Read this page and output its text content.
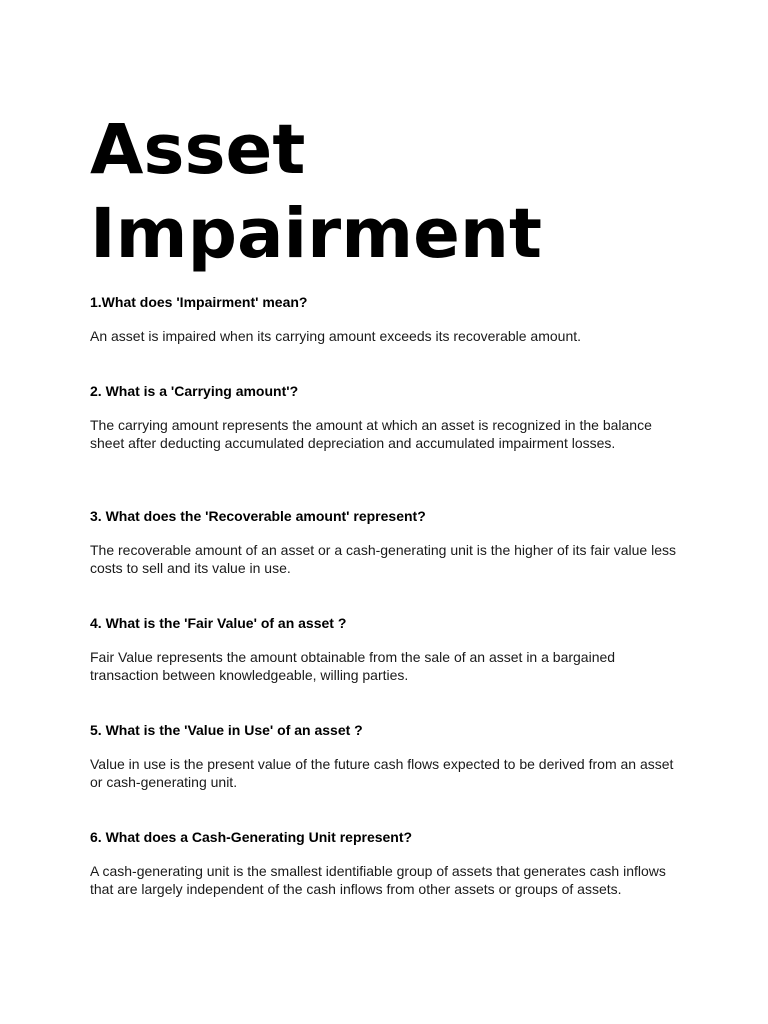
Asset
Impairment

1.What does 'Impairment' mean?

An asset is impaired when its carrying amount exceeds its recoverable amount.

2. What is a 'Carrying amount'?

The carrying amount represents the amount at which an asset is recognized in the balance sheet after deducting accumulated depreciation and accumulated impairment losses.

3. What does the 'Recoverable amount' represent?

The recoverable amount of an asset or a cash-generating unit is the higher of its fair value less costs to sell and its value in use.

4. What is the 'Fair Value' of an asset ?

Fair Value represents the amount obtainable from the sale of an asset in a bargained transaction between knowledgeable, willing parties.

5. What is the 'Value in Use' of an asset ?

Value in use is the present value of the future cash flows expected to be derived from an asset or cash-generating unit.

6. What does a Cash-Generating Unit represent?

A cash-generating unit is the smallest identifiable group of assets that generates cash inflows that are largely independent of the cash inflows from other assets or groups of assets.
